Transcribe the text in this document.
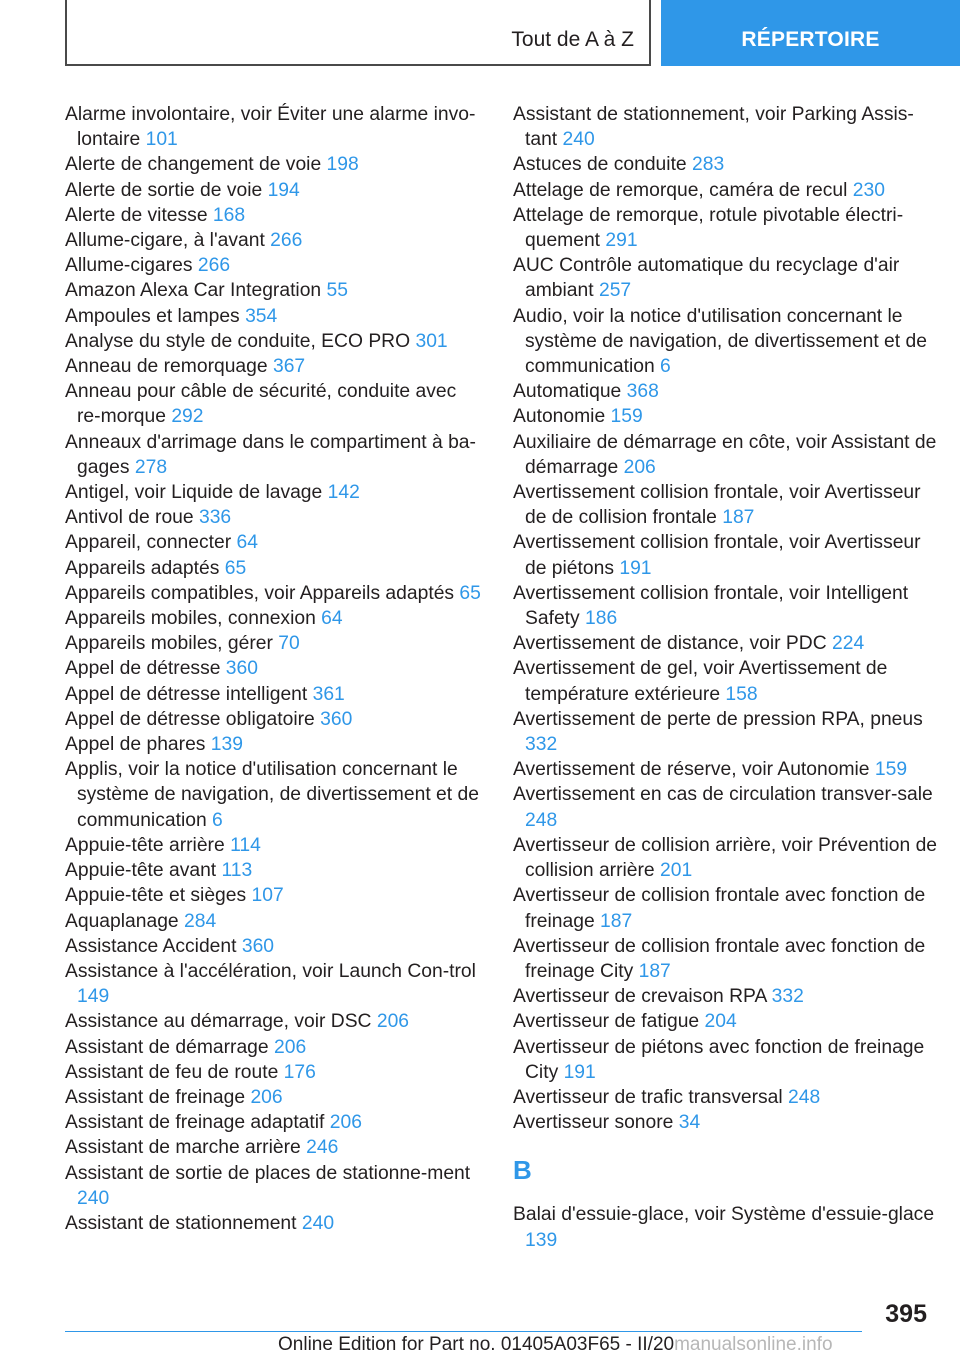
Tout de A à Z	RÉPERTOIRE
Alarme involontaire, voir Éviter une alarme invo-lontaire 101
Alerte de changement de voie 198
Alerte de sortie de voie 194
Alerte de vitesse 168
Allume-cigare, à l'avant 266
Allume-cigares 266
Amazon Alexa Car Integration 55
Ampoules et lampes 354
Analyse du style de conduite, ECO PRO 301
Anneau de remorquage 367
Anneau pour câble de sécurité, conduite avec re-morque 292
Anneaux d'arrimage dans le compartiment à ba-gages 278
Antigel, voir Liquide de lavage 142
Antivol de roue 336
Appareil, connecter 64
Appareils adaptés 65
Appareils compatibles, voir Appareils adaptés 65
Appareils mobiles, connexion 64
Appareils mobiles, gérer 70
Appel de détresse 360
Appel de détresse intelligent 361
Appel de détresse obligatoire 360
Appel de phares 139
Applis, voir la notice d'utilisation concernant le système de navigation, de divertissement et de communication 6
Appuie-tête arrière 114
Appuie-tête avant 113
Appuie-tête et sièges 107
Aquaplanage 284
Assistance Accident 360
Assistance à l'accélération, voir Launch Con-trol 149
Assistance au démarrage, voir DSC 206
Assistant de démarrage 206
Assistant de feu de route 176
Assistant de freinage 206
Assistant de freinage adaptatif 206
Assistant de marche arrière 246
Assistant de sortie de places de stationne-ment 240
Assistant de stationnement 240
Assistant de stationnement, voir Parking Assis-tant 240
Astuces de conduite 283
Attelage de remorque, caméra de recul 230
Attelage de remorque, rotule pivotable électri-quement 291
AUC Contrôle automatique du recyclage d'air ambiant 257
Audio, voir la notice d'utilisation concernant le système de navigation, de divertissement et de communication 6
Automatique 368
Autonomie 159
Auxiliaire de démarrage en côte, voir Assistant de démarrage 206
Avertissement collision frontale, voir Avertisseur de de collision frontale 187
Avertissement collision frontale, voir Avertisseur de piétons 191
Avertissement collision frontale, voir Intelligent Safety 186
Avertissement de distance, voir PDC 224
Avertissement de gel, voir Avertissement de température extérieure 158
Avertissement de perte de pression RPA, pneus 332
Avertissement de réserve, voir Autonomie 159
Avertissement en cas de circulation transver-sale 248
Avertisseur de collision arrière, voir Prévention de collision arrière 201
Avertisseur de collision frontale avec fonction de freinage 187
Avertisseur de collision frontale avec fonction de freinage City 187
Avertisseur de crevaison RPA 332
Avertisseur de fatigue 204
Avertisseur de piétons avec fonction de freinage City 191
Avertisseur de trafic transversal 248
Avertisseur sonore 34
B
Balai d'essuie-glace, voir Système d'essuie-glace 139
395
Online Edition for Part no. 01405A03F65 - II/20manualsonline.info
